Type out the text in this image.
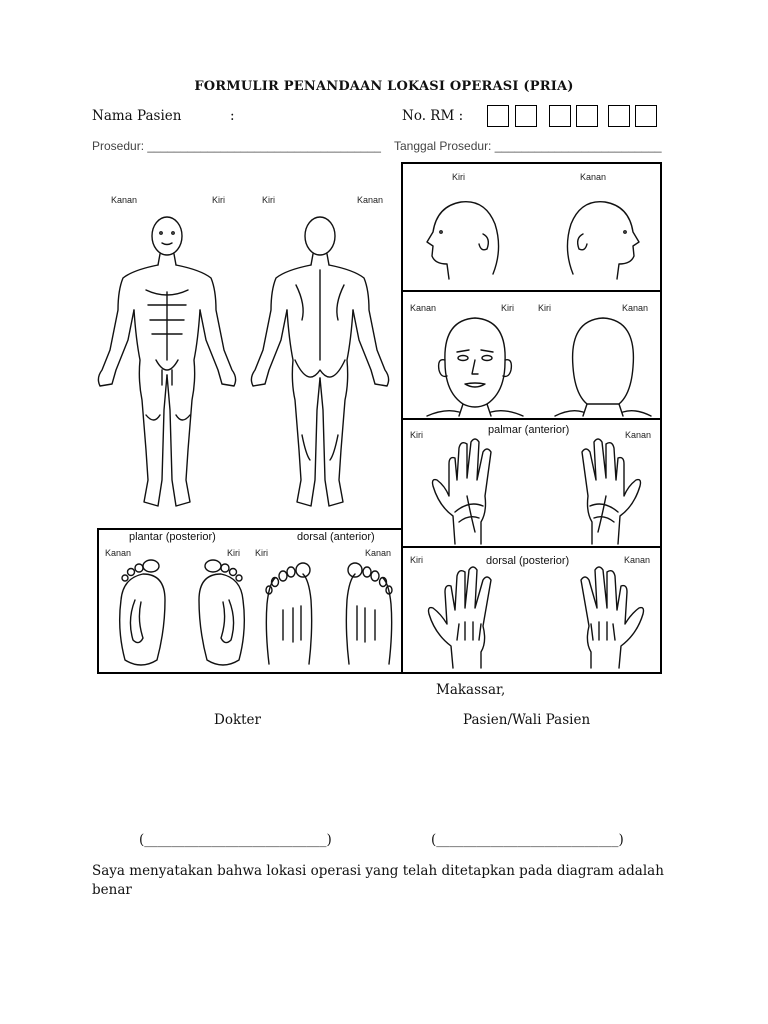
FORMULIR PENANDAAN LOKASI OPERASI (PRIA)
Nama Pasien	:	No. RM :
Prosedur: ___________________________________ Tanggal Prosedur: _________________________
Kanan	Kiri	Kiri	Kanan
Kiri	Kanan
Kanan	Kiri	Kiri	Kanan
Kiri	palmar (anterior)	Kanan
Kiri	dorsal (posterior)	Kanan
plantar (posterior)	dorsal (anterior)
Kanan	Kiri Kiri	Kanan
Makassar,
Dokter	Pasien/Wali Pasien
(___________________________)	(___________________________)
Saya menyatakan bahwa lokasi operasi yang telah ditetapkan pada diagram adalah benar
